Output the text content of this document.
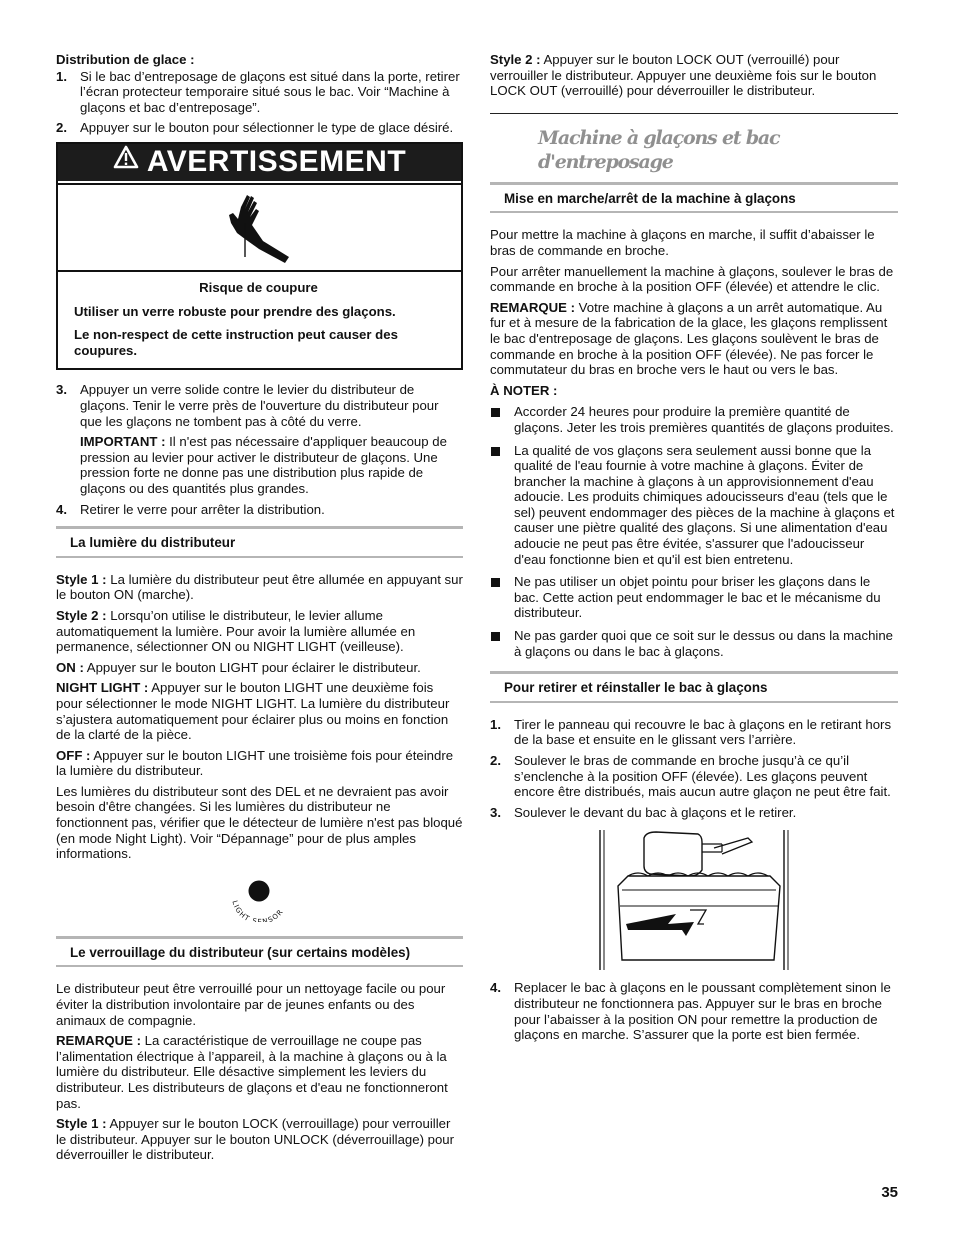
Distribution de glace :

1. Si le bac d’entreposage de glaçons est situé dans la porte, retirer l’écran protecteur temporaire situé sous le bac. Voir “Machine à glaçons et bac d’entreposage”.

2. Appuyer sur le bouton pour sélectionner le type de glace désiré.

AVERTISSEMENT

Risque de coupure

Utiliser un verre robuste pour prendre des glaçons.

Le non-respect de cette instruction peut causer des coupures.

3. Appuyer un verre solide contre le levier du distributeur de glaçons. Tenir le verre près de l'ouverture du distributeur pour que les glaçons ne tombent pas à côté du verre.

IMPORTANT : Il n'est pas nécessaire d'appliquer beaucoup de pression au levier pour activer le distributeur de glaçons. Une pression forte ne donne pas une distribution plus rapide de glaçons ou des quantités plus grandes.

4. Retirer le verre pour arrêter la distribution.

La lumière du distributeur

Style 1 : La lumière du distributeur peut être allumée en appuyant sur le bouton ON (marche).

Style 2 : Lorsqu’on utilise le distributeur, le levier allume automatiquement la lumière. Pour avoir la lumière allumée en permanence, sélectionner ON ou NIGHT LIGHT (veilleuse).

ON : Appuyer sur le bouton LIGHT pour éclairer le distributeur.

NIGHT LIGHT : Appuyer sur le bouton LIGHT une deuxième fois pour sélectionner le mode NIGHT LIGHT. La lumière du distributeur s’ajustera automatiquement pour éclairer plus ou moins en fonction de la clarté de la pièce.

OFF : Appuyer sur le bouton LIGHT une troisième fois pour éteindre la lumière du distributeur.

Les lumières du distributeur sont des DEL et ne devraient pas avoir besoin d'être changées. Si les lumières du distributeur ne fonctionnent pas, vérifier que le détecteur de lumière n'est pas bloqué (en mode Night Light). Voir “Dépannage” pour de plus amples informations.

LIGHT SENSOR
Le verrouillage du distributeur (sur certains modèles)

Le distributeur peut être verrouillé pour un nettoyage facile ou pour éviter la distribution involontaire par de jeunes enfants ou des animaux de compagnie.

REMARQUE : La caractéristique de verrouillage ne coupe pas l’alimentation électrique à l’appareil, à la machine à glaçons ou à la lumière du distributeur. Elle désactive simplement les leviers du distributeur. Les distributeurs de glaçons et d'eau ne fonctionneront pas.

Style 1 : Appuyer sur le bouton LOCK (verrouillage) pour verrouiller le distributeur. Appuyer sur le bouton UNLOCK (déverrouillage) pour déverrouiller le distributeur.

Style 2 : Appuyer sur le bouton LOCK OUT (verrouillé) pour verrouiller le distributeur. Appuyer une deuxième fois sur le bouton LOCK OUT (verrouillé) pour déverrouiller le distributeur.

Machine à glaçons et bac d'entreposage
Mise en marche/arrêt de la machine à glaçons

Pour mettre la machine à glaçons en marche, il suffit d’abaisser le bras de commande en broche.

Pour arrêter manuellement la machine à glaçons, soulever le bras de commande en broche à la position OFF (élevée) et attendre le clic.

REMARQUE : Votre machine à glaçons a un arrêt automatique. Au fur et à mesure de la fabrication de la glace, les glaçons remplissent le bac d'entreposage de glaçons. Les glaçons soulèvent le bras de commande en broche à la position OFF (élevée). Ne pas forcer le commutateur du bras en broche vers le haut ou vers le bas.

À NOTER :

Accorder 24 heures pour produire la première quantité de glaçons. Jeter les trois premières quantités de glaçons produites.
La qualité de vos glaçons sera seulement aussi bonne que la qualité de l'eau fournie à votre machine à glaçons. Éviter de brancher la machine à glaçons à un approvisionnement d'eau adoucie. Les produits chimiques adoucisseurs d'eau (tels que le sel) peuvent endommager des pièces de la machine à glaçons et causer une piètre qualité des glaçons. Si une alimentation d'eau adoucie ne peut pas être évitée, s'assurer que l'adoucisseur d'eau fonctionne bien et qu'il est bien entretenu.
Ne pas utiliser un objet pointu pour briser les glaçons dans le bac. Cette action peut endommager le bac et le mécanisme du distributeur.
Ne pas garder quoi que ce soit sur le dessus ou dans la machine à glaçons ou dans le bac à glaçons.
Pour retirer et réinstaller le bac à glaçons
1. Tirer le panneau qui recouvre le bac à glaçons en le retirant hors de la base et ensuite en le glissant vers l’arrière.

2. Soulever le bras de commande en broche jusqu’à ce qu’il s’enclenche à la position OFF (élevée). Les glaçons peuvent encore être distribués, mais aucun autre glaçon ne peut être fait.

3. Soulever le devant du bac à glaçons et le retirer.

4. Replacer le bac à glaçons en le poussant complètement sinon le distributeur ne fonctionnera pas. Appuyer sur le bras en broche pour l’abaisser à la position ON pour remettre la production de glaçons en marche. S’assurer que la porte est bien fermée.

35
